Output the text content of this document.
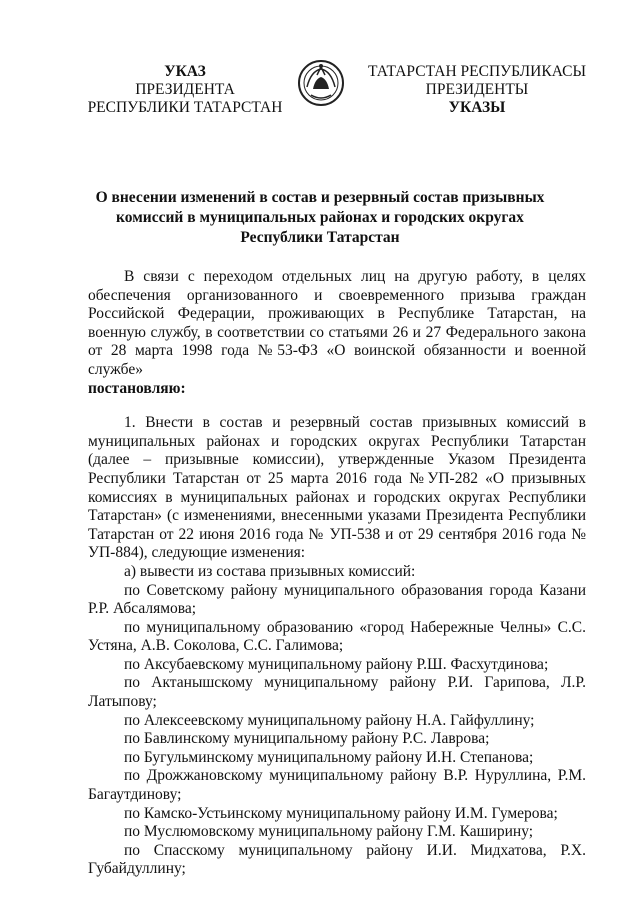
УКАЗ
ПРЕЗИДЕНТА
РЕСПУБЛИКИ ТАТАРСТАН
ТАТАРСТАН РЕСПУБЛИКАСЫ
ПРЕЗИДЕНТЫ
УКАЗЫ
О внесении изменений в состав и резервный состав призывных
комиссий в муниципальных районах и городских округах
Республики Татарстан

В связи с переходом отдельных лиц на другую работу, в целях обеспечения организованного и своевременного призыва граждан Российской Федерации, проживающих в Республике Татарстан, на военную службу, в соответствии со статьями 26 и 27 Федерального закона от 28 марта 1998 года №53-ФЗ «О воинской обязанности и военной службе»
постановляю:

1. Внести в состав и резервный состав призывных комиссий в муниципальных районах и городских округах Республики Татарстан (далее – призывные комиссии), утвержденные Указом Президента Республики Татарстан от 25 марта 2016 года №УП-282 «О призывных комиссиях в муниципальных районах и городских округах Республики Татарстан» (с изменениями, внесенными указами Президента Республики Татарстан от 22 июня 2016 года № УП-538 и от 29 сентября 2016 года № УП-884), следующие изменения:

а) вывести из состава призывных комиссий:

по Советскому району муниципального образования города Казани Р.Р. Абсалямова;

по муниципальному образованию «город Набережные Челны» С.С. Устяна, А.В. Соколова, С.С. Галимова;

по Аксубаевскому муниципальному району Р.Ш. Фасхутдинова;

по Актанышскому муниципальному району Р.И. Гарипова, Л.Р. Латыпову;

по Алексеевскому муниципальному району Н.А. Гайфуллину;

по Бавлинскому муниципальному району Р.С. Лаврова;

по Бугульминскому муниципальному району И.Н. Степанова;

по Дрожжановскому муниципальному району В.Р. Нуруллина, Р.М. Багаутдинову;

по Камско-Устьинскому муниципальному району И.М. Гумерова;

по Муслюмовскому муниципальному району Г.М. Каширину;

по Спасскому муниципальному району И.И. Мидхатова, Р.Х. Губайдуллину;
